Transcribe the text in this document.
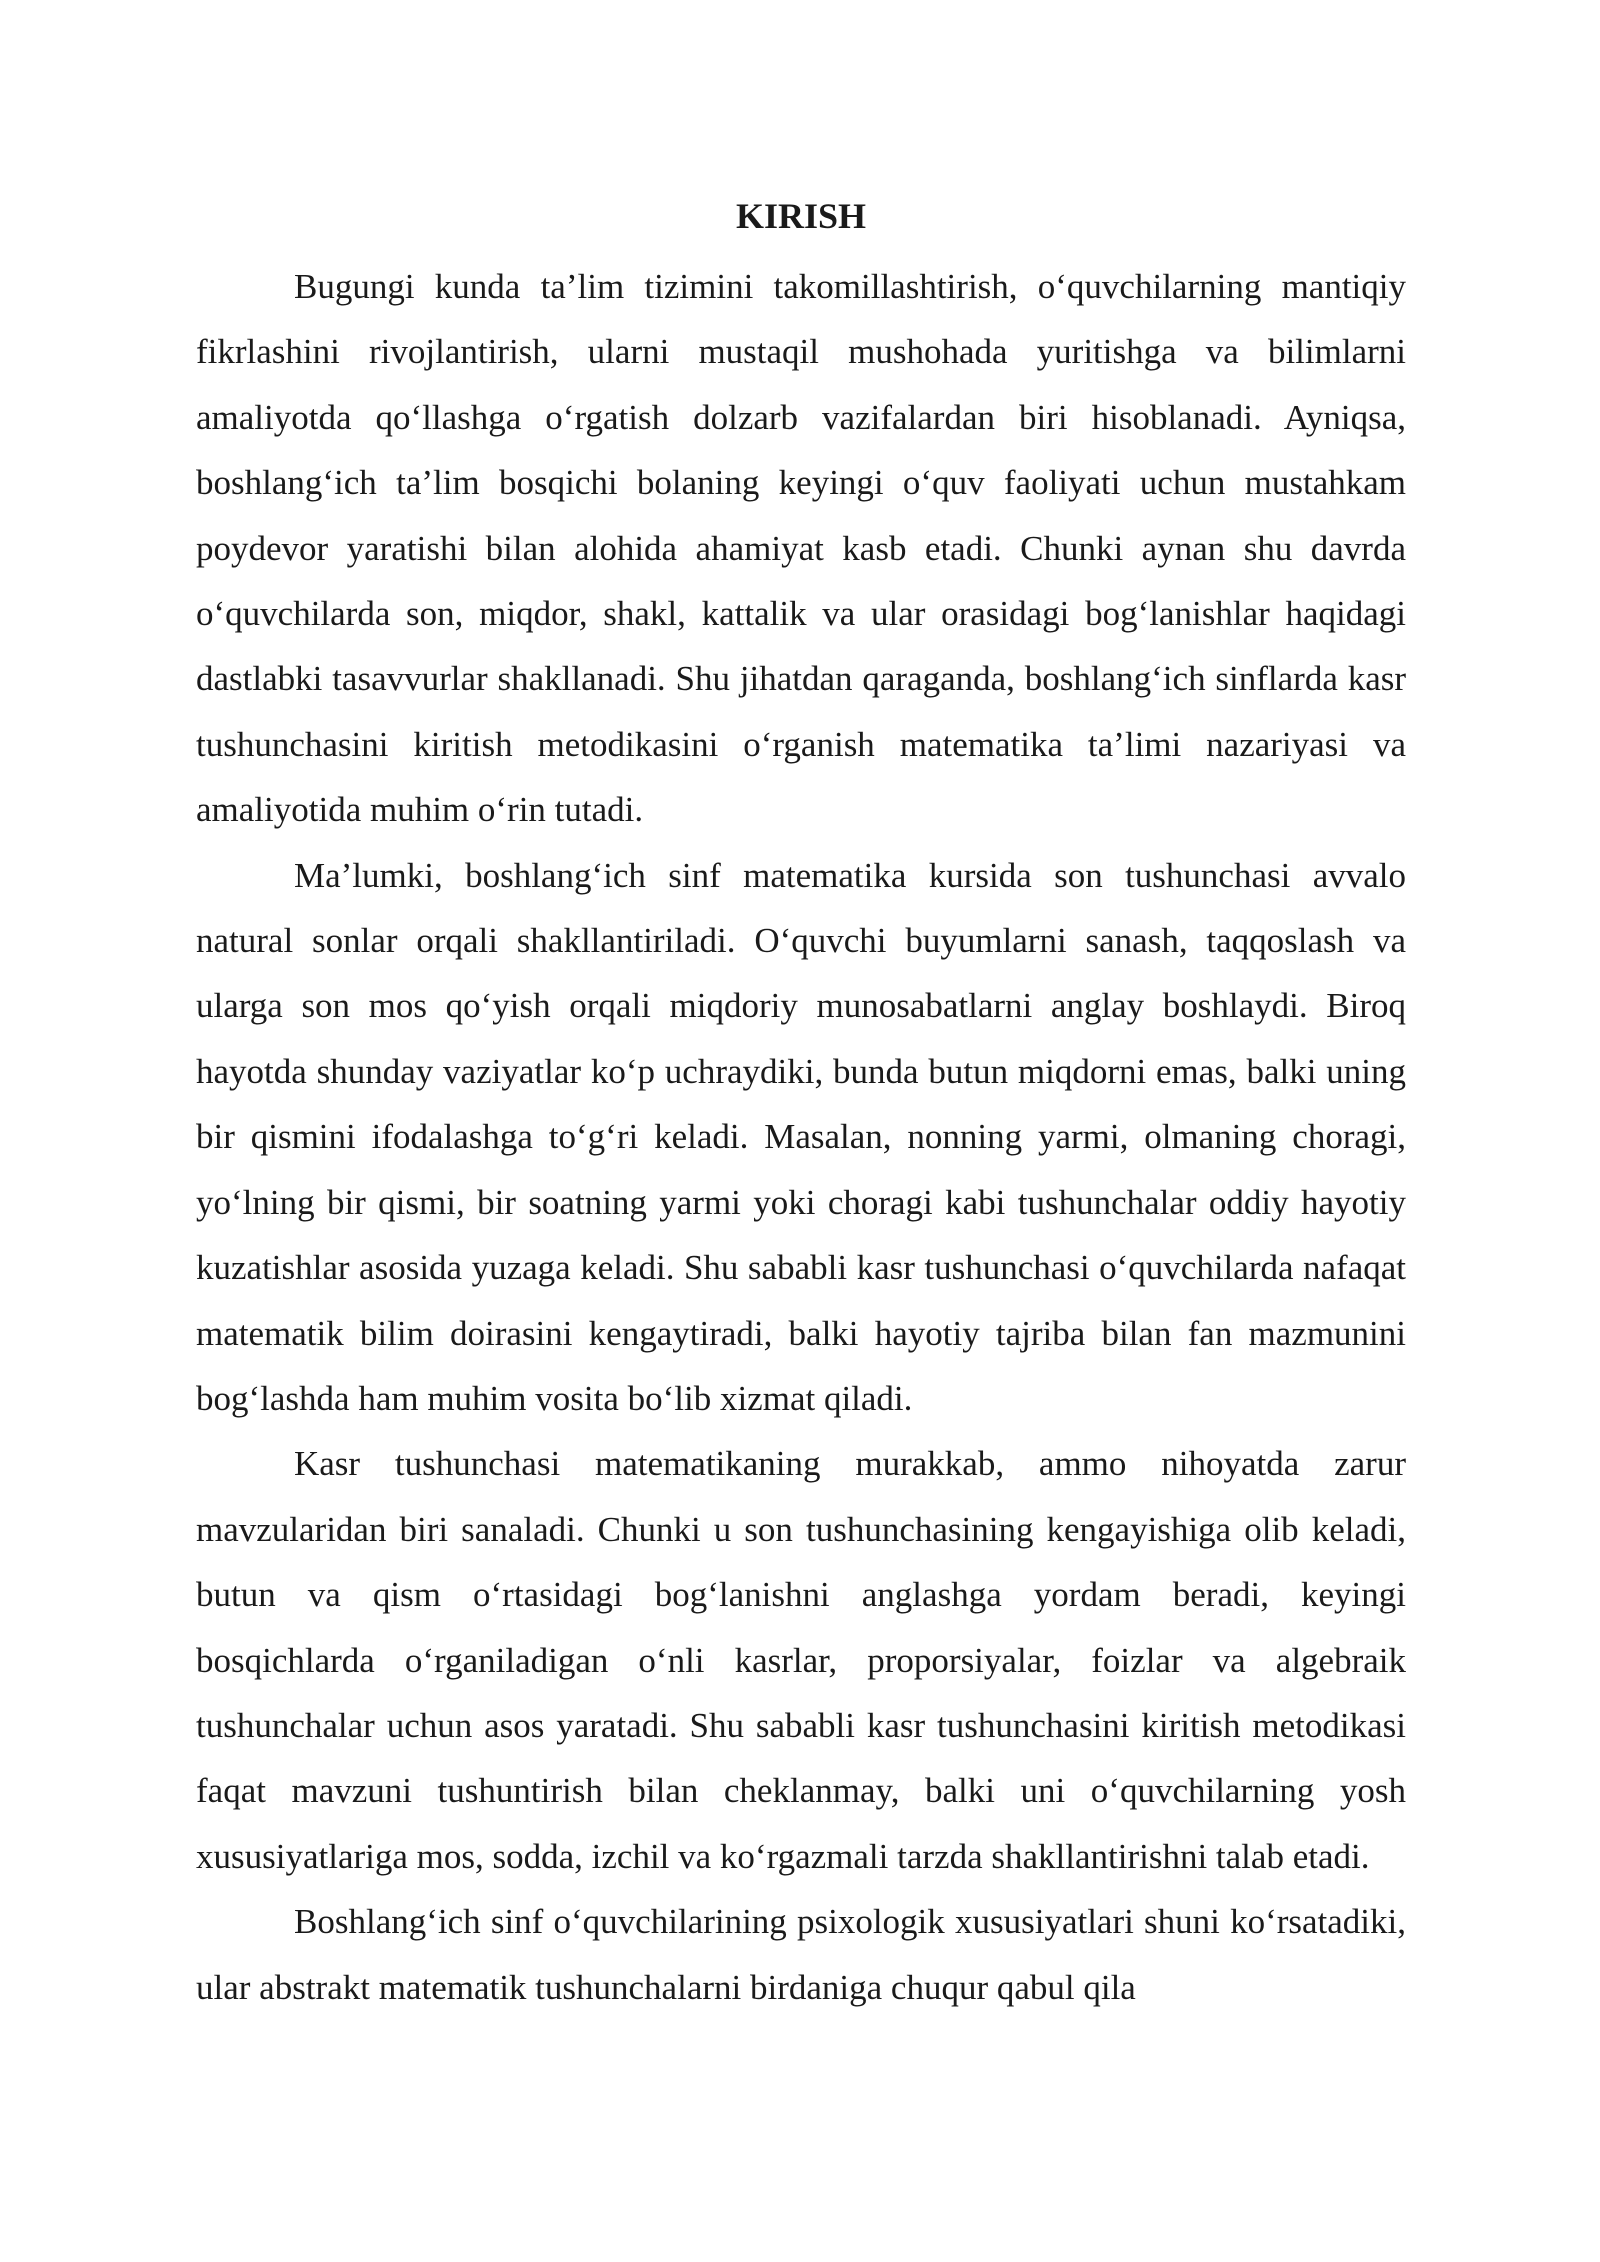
KIRISH

Bugungi kunda ta’lim tizimini takomillashtirish, o‘quvchilarning mantiqiy fikrlashini rivojlantirish, ularni mustaqil mushohada yuritishga va bilimlarni amaliyotda qo‘llashga o‘rgatish dolzarb vazifalardan biri hisoblanadi. Ayniqsa, boshlang‘ich ta’lim bosqichi bolaning keyingi o‘quv faoliyati uchun mustahkam poydevor yaratishi bilan alohida ahamiyat kasb etadi. Chunki aynan shu davrda o‘quvchilarda son, miqdor, shakl, kattalik va ular orasidagi bog‘lanishlar haqidagi dastlabki tasavvurlar shakllanadi. Shu jihatdan qaraganda, boshlang‘ich sinflarda kasr tushunchasini kiritish metodikasini o‘rganish matematika ta’limi nazariyasi va amaliyotida muhim o‘rin tutadi.

Ma’lumki, boshlang‘ich sinf matematika kursida son tushunchasi avvalo natural sonlar orqali shakllantiriladi. O‘quvchi buyumlarni sanash, taqqoslash va ularga son mos qo‘yish orqali miqdoriy munosabatlarni anglay boshlaydi. Biroq hayotda shunday vaziyatlar ko‘p uchraydiki, bunda butun miqdorni emas, balki uning bir qismini ifodalashga to‘g‘ri keladi. Masalan, nonning yarmi, olmaning choragi, yo‘lning bir qismi, bir soatning yarmi yoki choragi kabi tushunchalar oddiy hayotiy kuzatishlar asosida yuzaga keladi. Shu sababli kasr tushunchasi o‘quvchilarda nafaqat matematik bilim doirasini kengaytiradi, balki hayotiy tajriba bilan fan mazmunini bog‘lashda ham muhim vosita bo‘lib xizmat qiladi.

Kasr tushunchasi matematikaning murakkab, ammo nihoyatda zarur mavzularidan biri sanaladi. Chunki u son tushunchasining kengayishiga olib keladi, butun va qism o‘rtasidagi bog‘lanishni anglashga yordam beradi, keyingi bosqichlarda o‘rganiladigan o‘nli kasrlar, proporsiyalar, foizlar va algebraik tushunchalar uchun asos yaratadi. Shu sababli kasr tushunchasini kiritish metodikasi faqat mavzuni tushuntirish bilan cheklanmay, balki uni o‘quvchilarning yosh xususiyatlariga mos, sodda, izchil va ko‘rgazmali tarzda shakllantirishni talab etadi.

Boshlang‘ich sinf o‘quvchilarining psixologik xususiyatlari shuni ko‘rsatadiki, ular abstrakt matematik tushunchalarni birdaniga chuqur qabul qila
